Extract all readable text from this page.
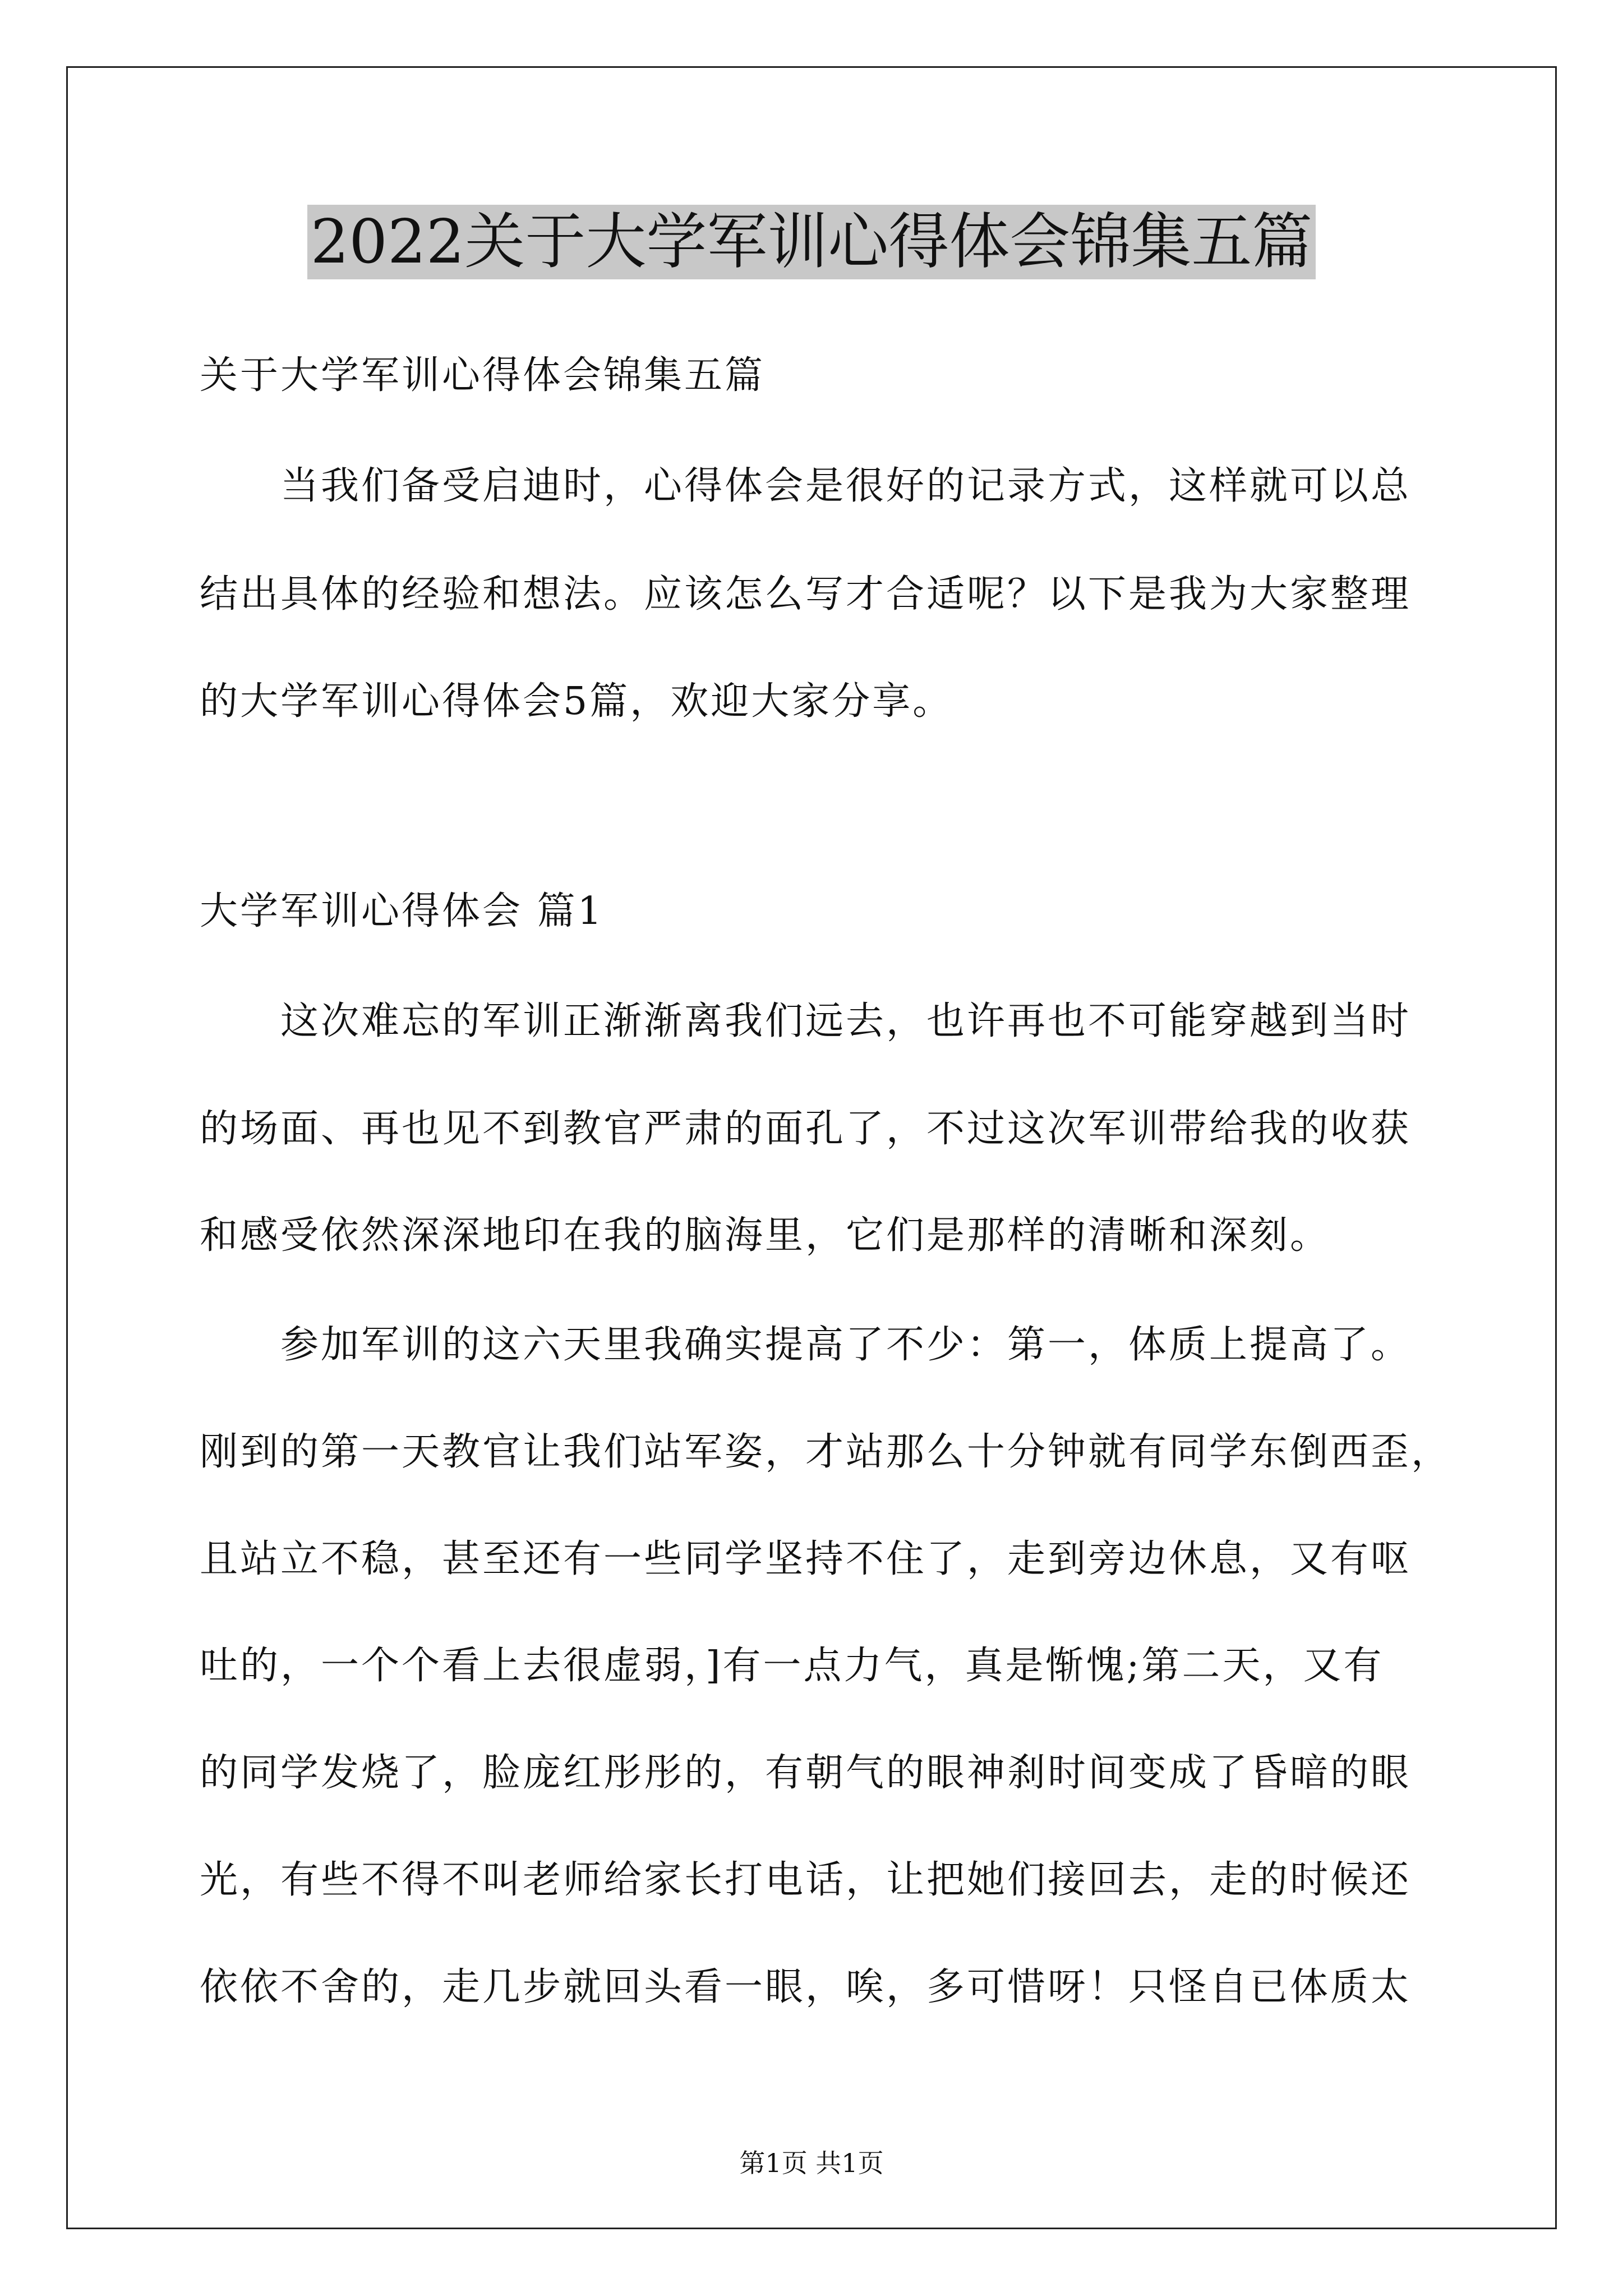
2022关于大学军训心得体会锦集五篇
关于大学军训心得体会锦集五篇
当我们备受启迪时，心得体会是很好的记录方式，这样就可以总
结出具体的经验和想法。应该怎么写才合适呢？以下是我为大家整理
的大学军训心得体会5篇，欢迎大家分享。
大学军训心得体会 篇1
这次难忘的军训正渐渐离我们远去，也许再也不可能穿越到当时
的场面、再也见不到教官严肃的面孔了，不过这次军训带给我的收获
和感受依然深深地印在我的脑海里，它们是那样的清晰和深刻。
参加军训的这六天里我确实提高了不少：第一，体质上提高了。
刚到的第一天教官让我们站军姿，才站那么十分钟就有同学东倒西歪，
且站立不稳，甚至还有一些同学坚持不住了，走到旁边休息，又有呕
吐的，一个个看上去很虚弱，]有一点力气，真是惭愧;第二天，又有
的同学发烧了，脸庞红彤彤的，有朝气的眼神刹时间变成了昏暗的眼
光，有些不得不叫老师给家长打电话，让把她们接回去，走的时候还
依依不舍的，走几步就回头看一眼，唉，多可惜呀！只怪自已体质太
第1页 共1页
